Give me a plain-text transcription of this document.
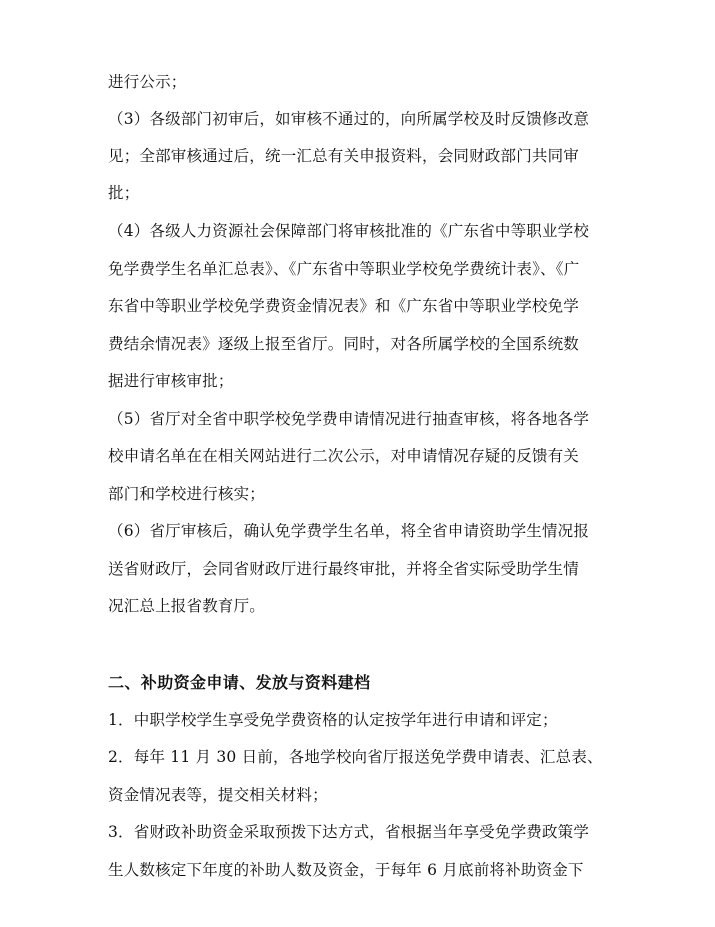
进行公示；
（3）各级部门初审后，如审核不通过的，向所属学校及时反馈修改意
见；全部审核通过后，统一汇总有关申报资料，会同财政部门共同审
批；
（4）各级人力资源社会保障部门将审核批准的《广东省中等职业学校
免学费学生名单汇总表》、《广东省中等职业学校免学费统计表》、《广
东省中等职业学校免学费资金情况表》和《广东省中等职业学校免学
费结余情况表》逐级上报至省厅。同时，对各所属学校的全国系统数
据进行审核审批；
（5）省厅对全省中职学校免学费申请情况进行抽查审核，将各地各学
校申请名单在在相关网站进行二次公示，对申请情况存疑的反馈有关
部门和学校进行核实；
（6）省厅审核后，确认免学费学生名单，将全省申请资助学生情况报
送省财政厅，会同省财政厅进行最终审批，并将全省实际受助学生情
况汇总上报省教育厅。
二、补助资金申请、发放与资料建档
1．中职学校学生享受免学费资格的认定按学年进行申请和评定；
2．每年 11 月 30 日前，各地学校向省厅报送免学费申请表、汇总表、
资金情况表等，提交相关材料；
3．省财政补助资金采取预拨下达方式，省根据当年享受免学费政策学
生人数核定下年度的补助人数及资金，于每年 6 月底前将补助资金下
